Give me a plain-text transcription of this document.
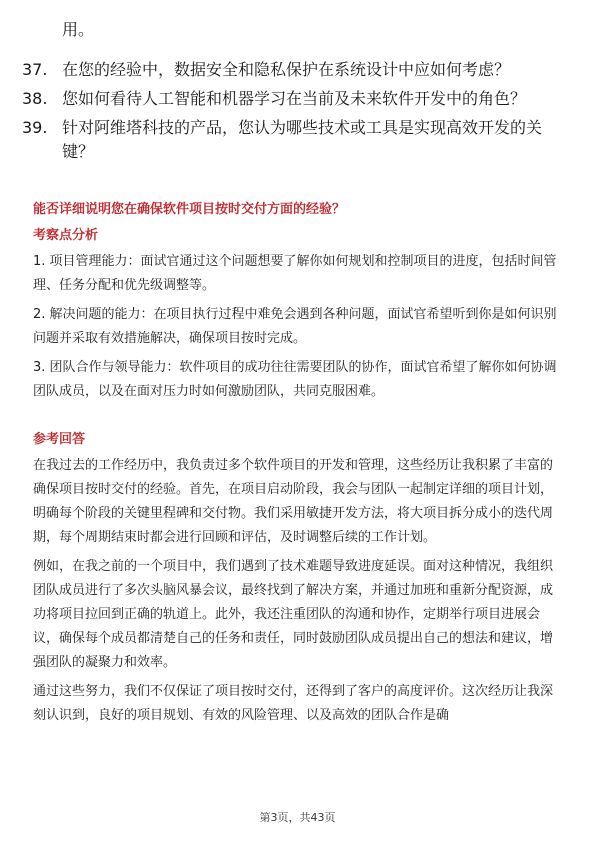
用。
37. 在您的经验中，数据安全和隐私保护在系统设计中应如何考虑？
38. 您如何看待人工智能和机器学习在当前及未来软件开发中的角色？
39. 针对阿维塔科技的产品，您认为哪些技术或工具是实现高效开发的关键？
能否详细说明您在确保软件项目按时交付方面的经验？
考察点分析

1. 项目管理能力：面试官通过这个问题想要了解你如何规划和控制项目的进度，包括时间管理、任务分配和优先级调整等。

2. 解决问题的能力：在项目执行过程中难免会遇到各种问题，面试官希望听到你是如何识别问题并采取有效措施解决，确保项目按时完成。

3. 团队合作与领导能力：软件项目的成功往往需要团队的协作，面试官希望了解你如何协调团队成员，以及在面对压力时如何激励团队，共同克服困难。

参考回答

在我过去的工作经历中，我负责过多个软件项目的开发和管理，这些经历让我积累了丰富的确保项目按时交付的经验。首先，在项目启动阶段，我会与团队一起制定详细的项目计划，明确每个阶段的关键里程碑和交付物。我们采用敏捷开发方法，将大项目拆分成小的迭代周期，每个周期结束时都会进行回顾和评估，及时调整后续的工作计划。

例如，在我之前的一个项目中，我们遇到了技术难题导致进度延误。面对这种情况，我组织团队成员进行了多次头脑风暴会议，最终找到了解决方案，并通过加班和重新分配资源，成功将项目拉回到正确的轨道上。此外，我还注重团队的沟通和协作，定期举行项目进展会议，确保每个成员都清楚自己的任务和责任，同时鼓励团队成员提出自己的想法和建议，增强团队的凝聚力和效率。

通过这些努力，我们不仅保证了项目按时交付，还得到了客户的高度评价。这次经历让我深刻认识到，良好的项目规划、有效的风险管理、以及高效的团队合作是确

第3页，共43页
